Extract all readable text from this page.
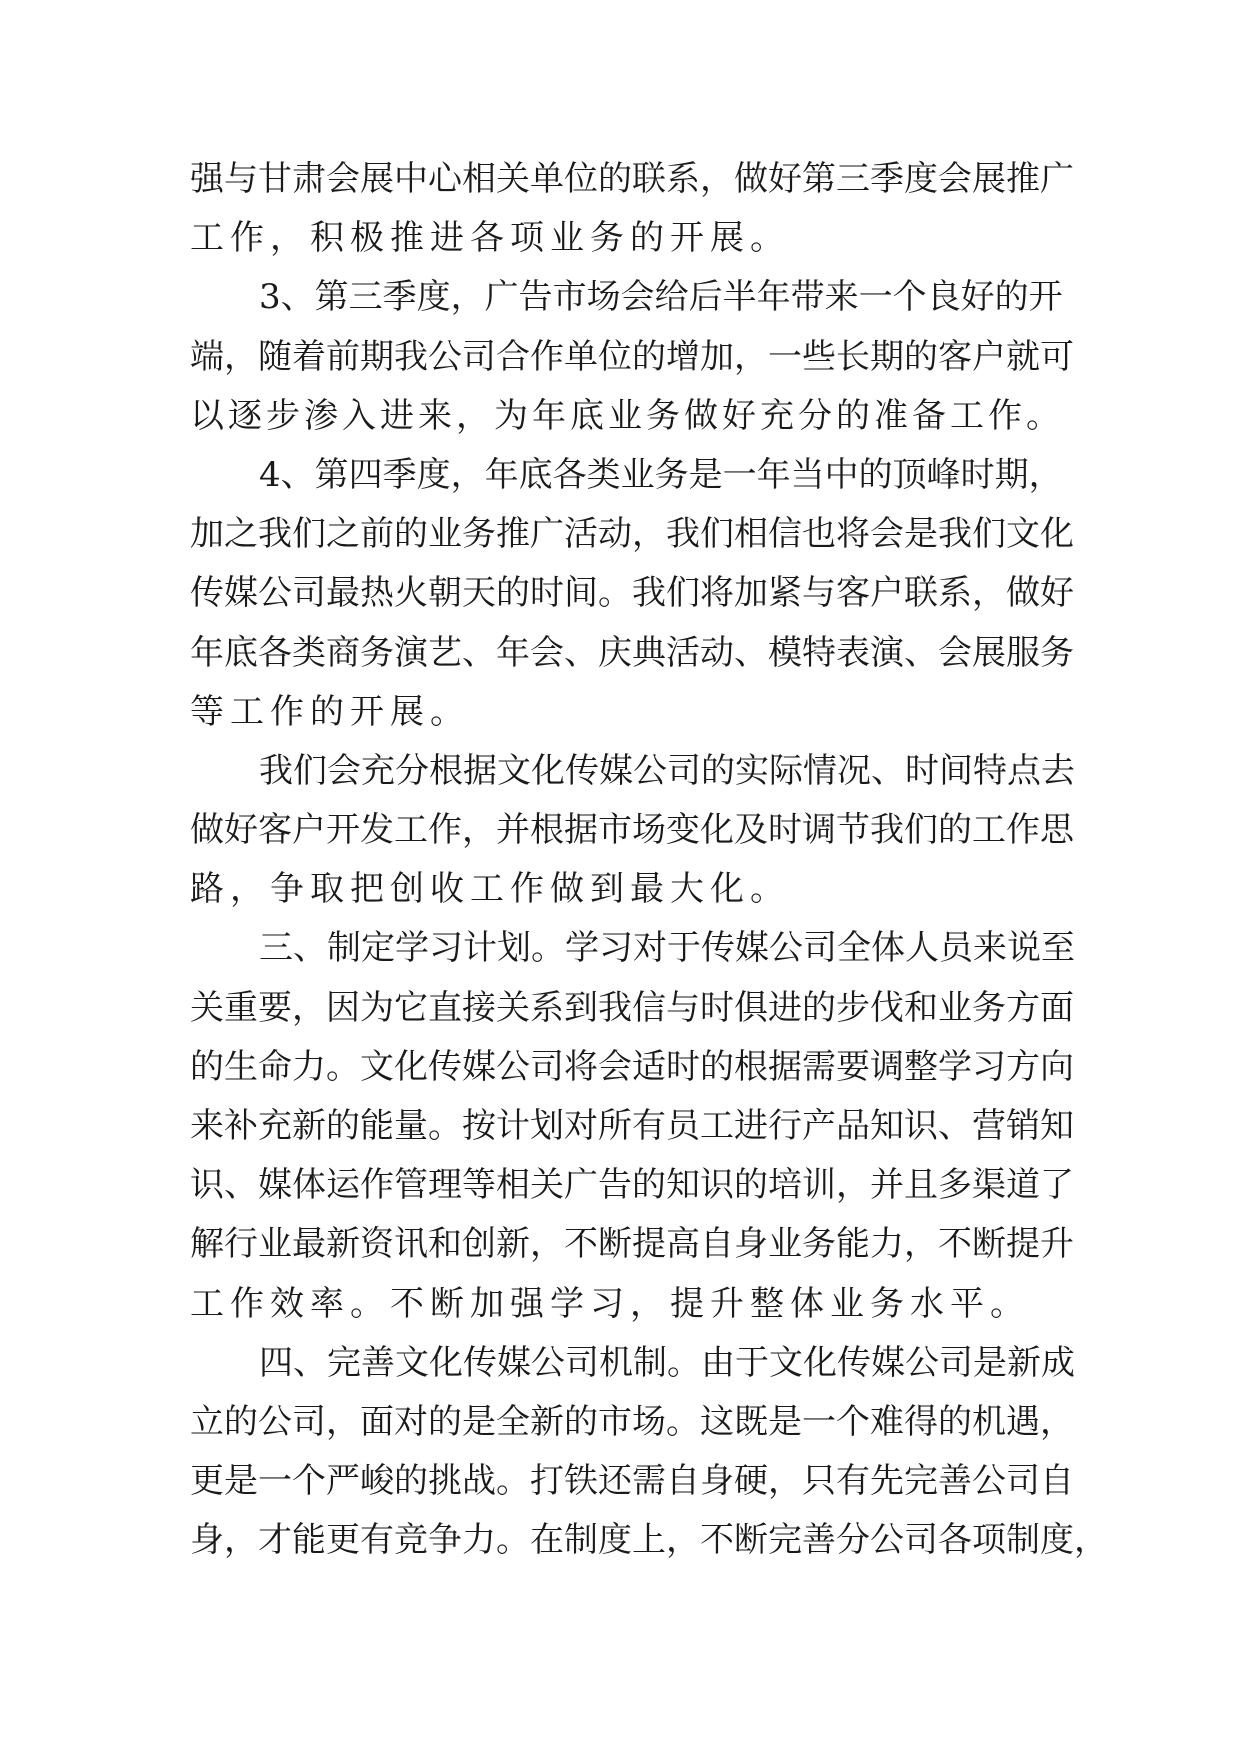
强与甘肃会展中心相关单位的联系，做好第三季度会展推广
工作，积极推进各项业务的开展。
3、第三季度，广告市场会给后半年带来一个良好的开
端，随着前期我公司合作单位的增加，一些长期的客户就可
以逐步渗入进来，为年底业务做好充分的准备工作。
4、第四季度，年底各类业务是一年当中的顶峰时期，
加之我们之前的业务推广活动，我们相信也将会是我们文化
传媒公司最热火朝天的时间。我们将加紧与客户联系，做好
年底各类商务演艺、年会、庆典活动、模特表演、会展服务
等工作的开展。
我们会充分根据文化传媒公司的实际情况、时间特点去
做好客户开发工作，并根据市场变化及时调节我们的工作思
路，争取把创收工作做到最大化。
三、制定学习计划。学习对于传媒公司全体人员来说至
关重要，因为它直接关系到我信与时俱进的步伐和业务方面
的生命力。文化传媒公司将会适时的根据需要调整学习方向
来补充新的能量。按计划对所有员工进行产品知识、营销知
识、媒体运作管理等相关广告的知识的培训，并且多渠道了
解行业最新资讯和创新，不断提高自身业务能力，不断提升
工作效率。不断加强学习，提升整体业务水平。
四、完善文化传媒公司机制。由于文化传媒公司是新成
立的公司，面对的是全新的市场。这既是一个难得的机遇，
更是一个严峻的挑战。打铁还需自身硬，只有先完善公司自
身，才能更有竞争力。在制度上，不断完善分公司各项制度，
